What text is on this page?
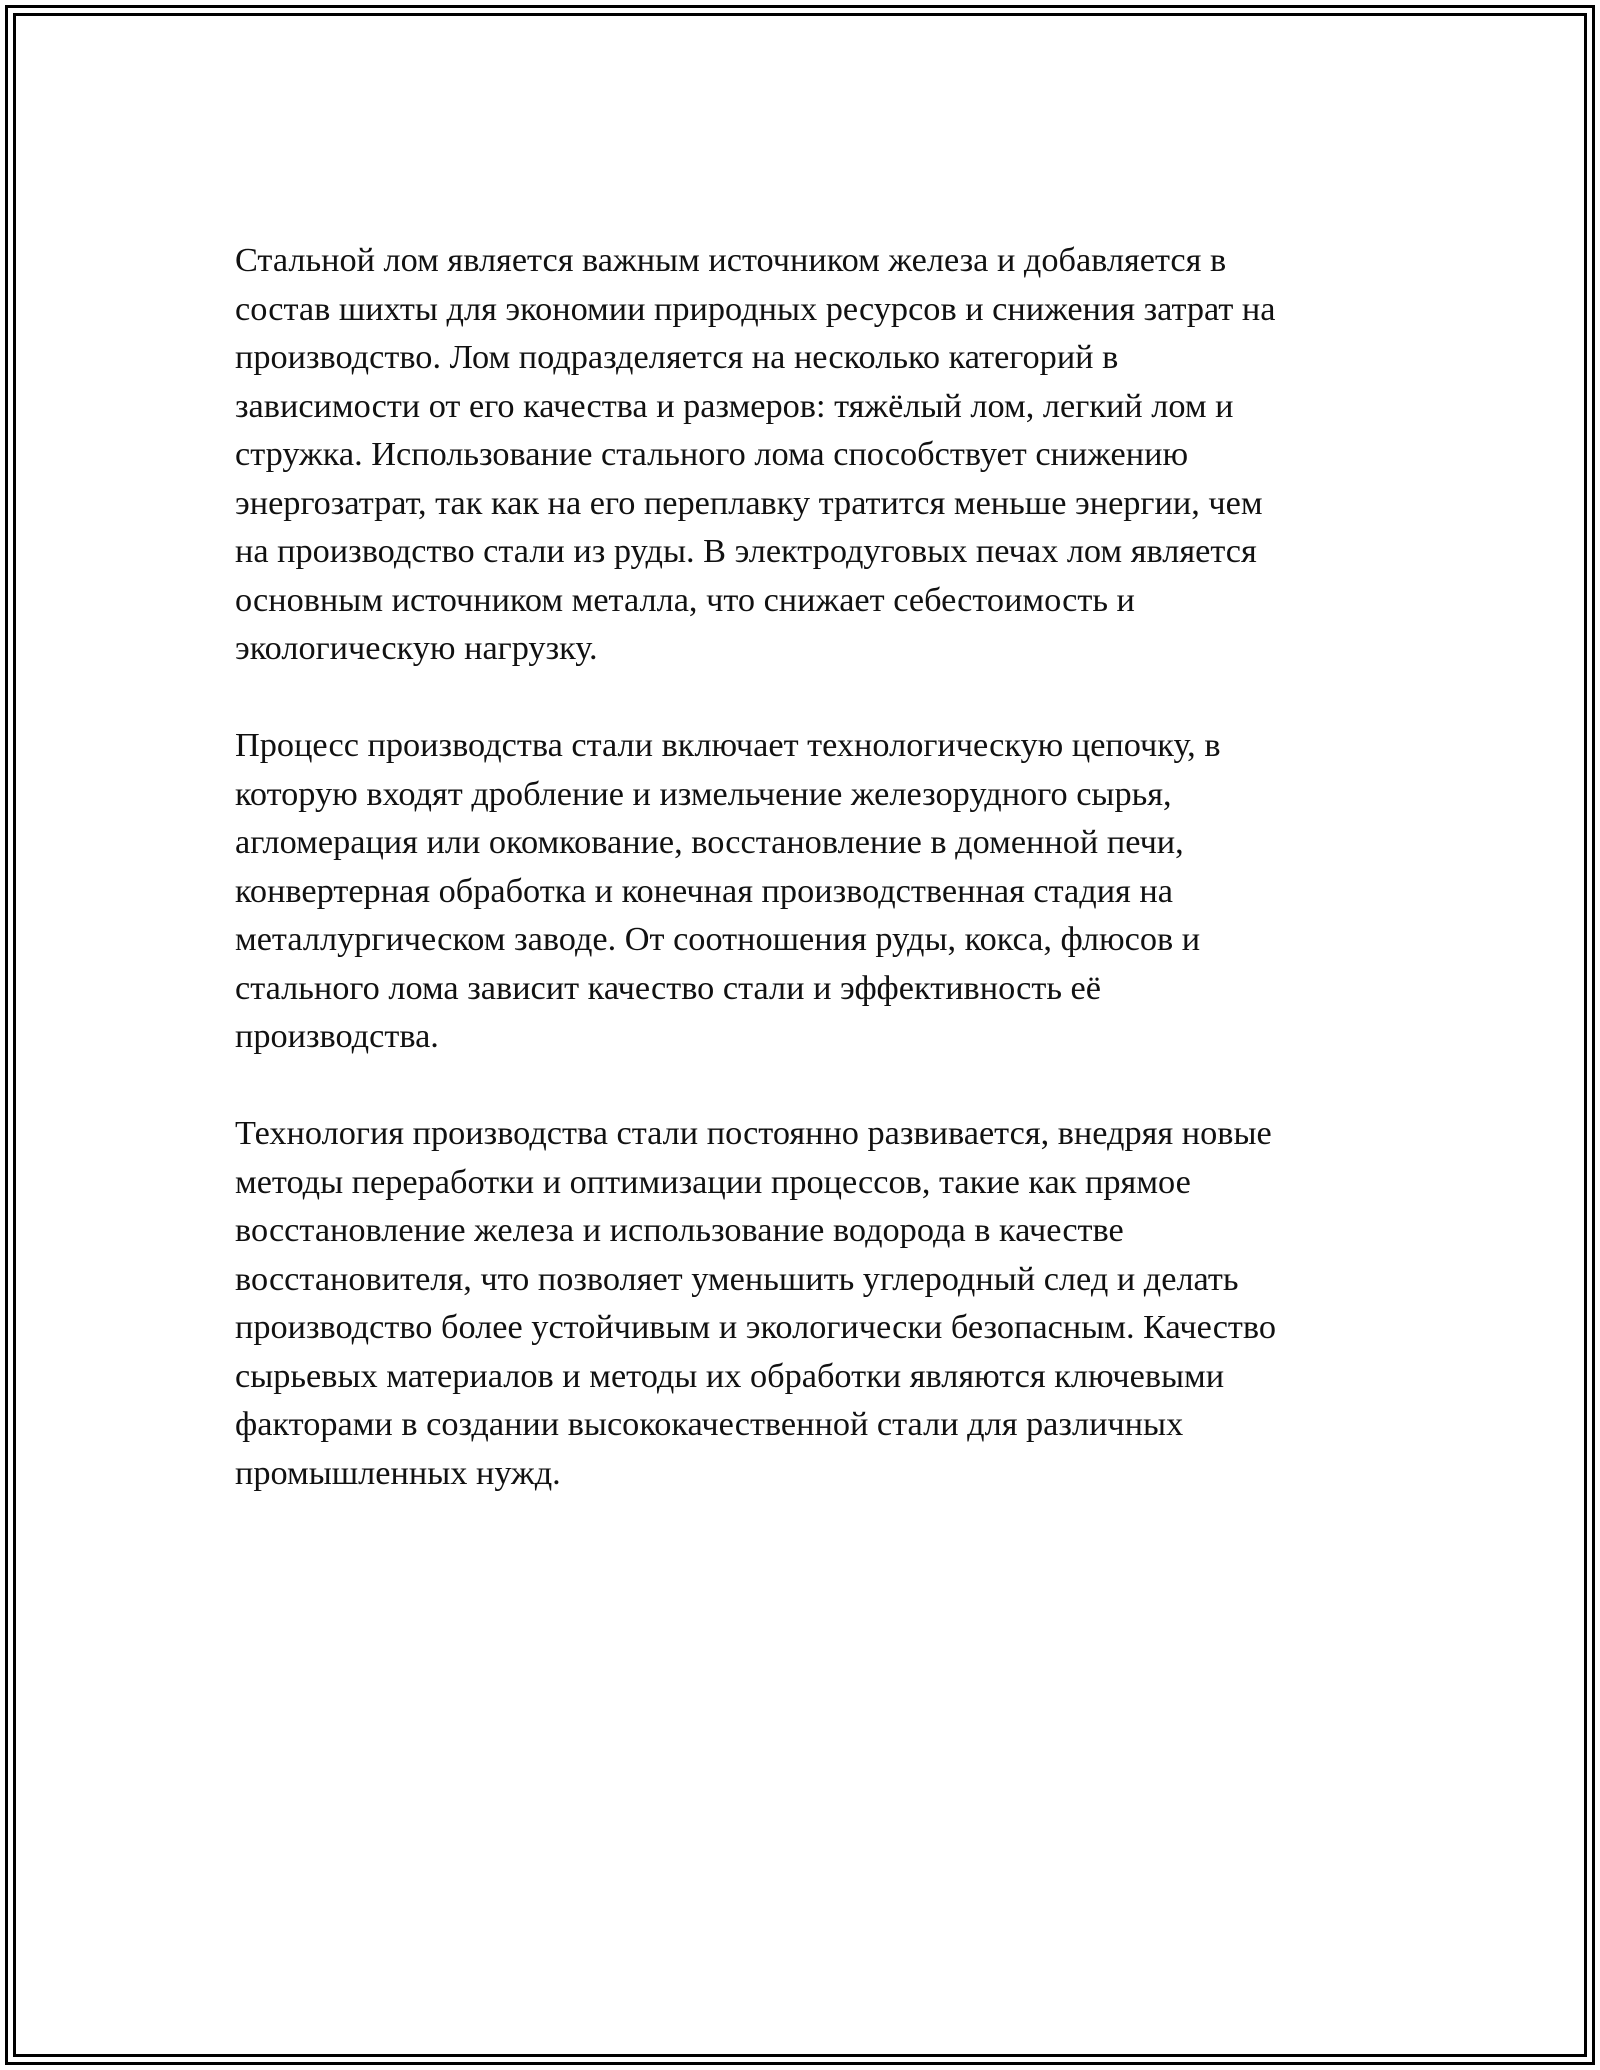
Стальной лом является важным источником железа и добавляется в
состав шихты для экономии природных ресурсов и снижения затрат на
производство. Лом подразделяется на несколько категорий в
зависимости от его качества и размеров: тяжёлый лом, легкий лом и
стружка. Использование стального лома способствует снижению
энергозатрат, так как на его переплавку тратится меньше энергии, чем
на производство стали из руды. В электродуговых печах лом является
основным источником металла, что снижает себестоимость и
экологическую нагрузку.

Процесс производства стали включает технологическую цепочку, в
которую входят дробление и измельчение железорудного сырья,
агломерация или окомкование, восстановление в доменной печи,
конвертерная обработка и конечная производственная стадия на
металлургическом заводе. От соотношения руды, кокса, флюсов и
стального лома зависит качество стали и эффективность её
производства.

Технология производства стали постоянно развивается, внедряя новые
методы переработки и оптимизации процессов, такие как прямое
восстановление железа и использование водорода в качестве
восстановителя, что позволяет уменьшить углеродный след и делать
производство более устойчивым и экологически безопасным. Качество
сырьевых материалов и методы их обработки являются ключевыми
факторами в создании высококачественной стали для различных
промышленных нужд.
